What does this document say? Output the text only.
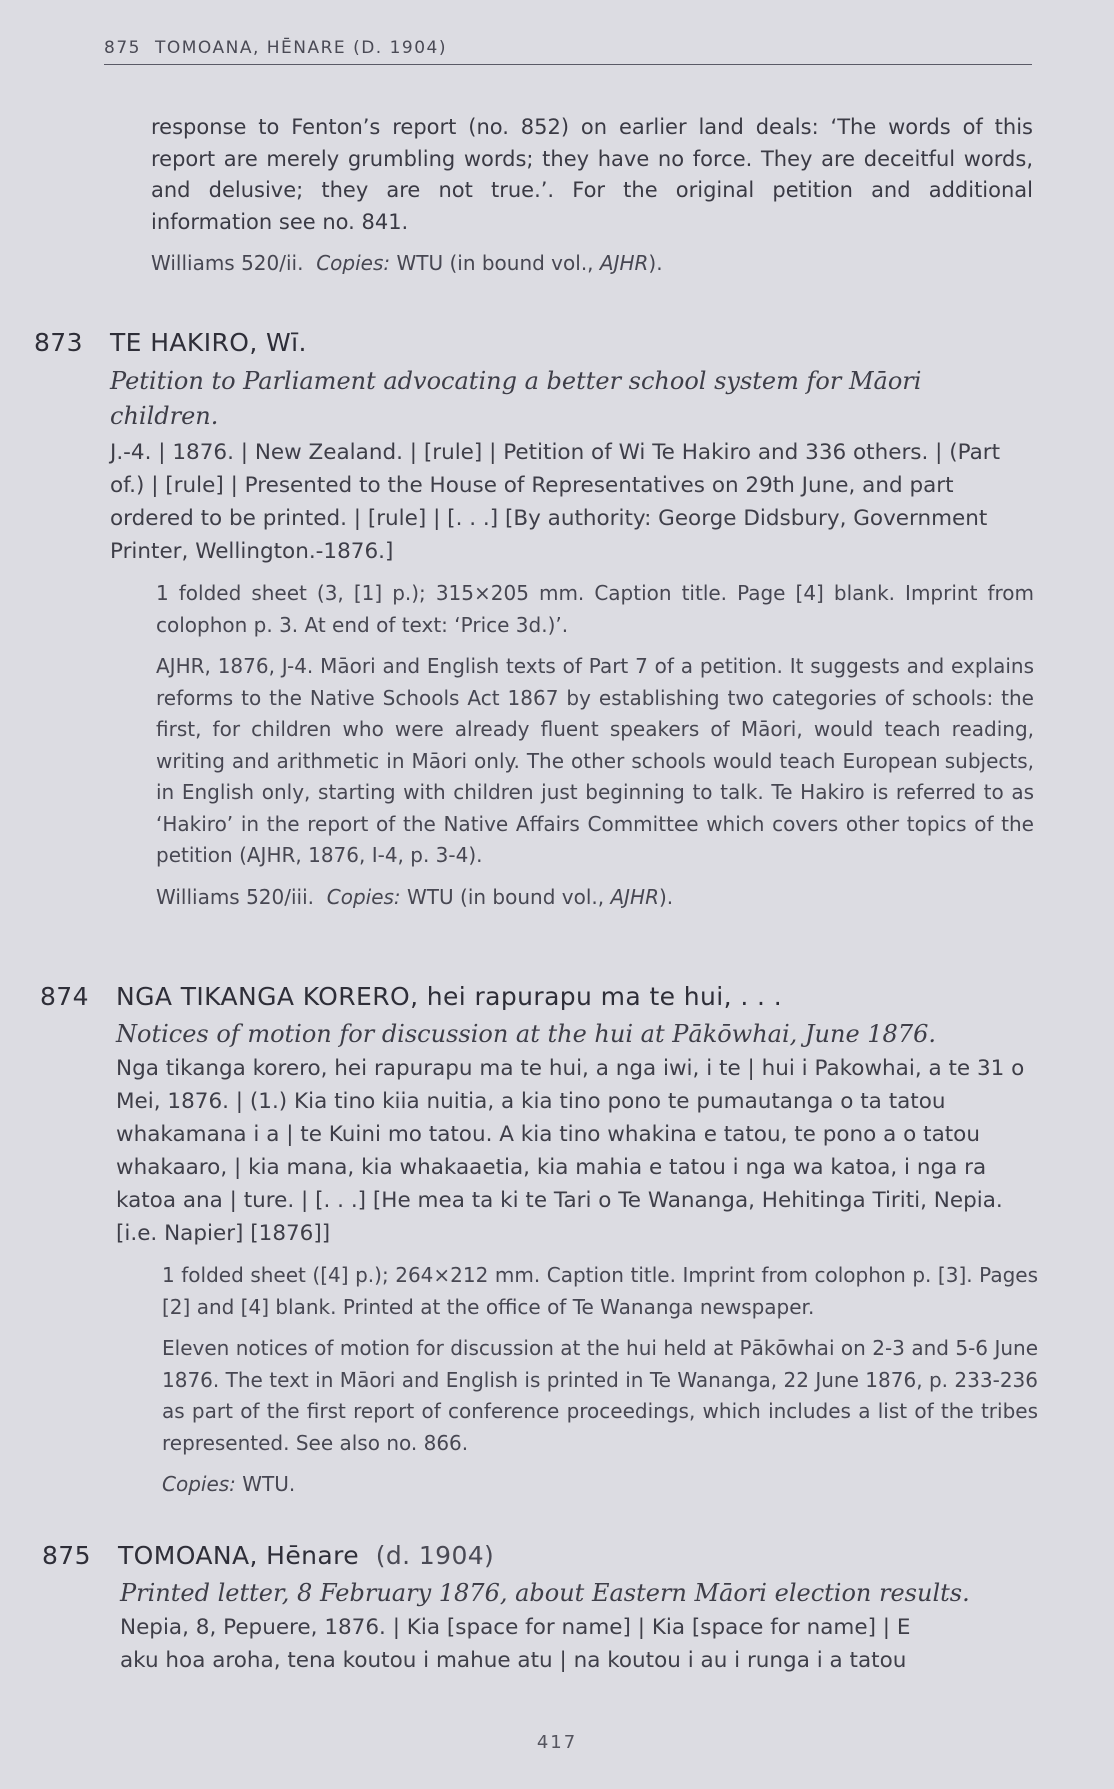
875 TOMOANA, HĒNARE (D. 1904)

response to Fenton’s report (no. 852) on earlier land deals: ‘The words of this report are merely grumbling words; they have no force. They are deceitful words, and delusive; they are not true.’. For the original petition and additional information see no. 841.

Williams 520/ii. Copies: WTU (in bound vol., AJHR).

873 TE HAKIRO, Wī.

Petition to Parliament advocating a better school system for Māori children.

J.-4. | 1876. | New Zealand. | [rule] | Petition of Wi Te Hakiro and 336 others. | (Part of.) | [rule] | Presented to the House of Representatives on 29th June, and part ordered to be printed. | [rule] | [. . .] [By authority: George Didsbury, Government Printer, Wellington.-1876.]

1 folded sheet (3, [1] p.); 315×205 mm. Caption title. Page [4] blank. Imprint from colophon p. 3. At end of text: ‘Price 3d.)’.

AJHR, 1876, J-4. Māori and English texts of Part 7 of a petition. It suggests and explains reforms to the Native Schools Act 1867 by establishing two categories of schools: the first, for children who were already fluent speakers of Māori, would teach reading, writing and arithmetic in Māori only. The other schools would teach European subjects, in English only, starting with children just beginning to talk. Te Hakiro is referred to as ‘Hakiro’ in the report of the Native Affairs Committee which covers other topics of the petition (AJHR, 1876, I-4, p. 3-4).

Williams 520/iii. Copies: WTU (in bound vol., AJHR).

874 NGA TIKANGA KORERO, hei rapurapu ma te hui, . . .

Notices of motion for discussion at the hui at Pākōwhai, June 1876.

Nga tikanga korero, hei rapurapu ma te hui, a nga iwi, i te | hui i Pakowhai, a te 31 o Mei, 1876. | (1.) Kia tino kiia nuitia, a kia tino pono te pumautanga o ta tatou whakamana i a | te Kuini mo tatou. A kia tino whakina e tatou, te pono a o tatou whakaaro, | kia mana, kia whakaaetia, kia mahia e tatou i nga wa katoa, i nga ra katoa ana | ture. | [. . .] [He mea ta ki te Tari o Te Wananga, Hehitinga Tiriti, Nepia. [i.e. Napier] [1876]]

1 folded sheet ([4] p.); 264×212 mm. Caption title. Imprint from colophon p. [3]. Pages [2] and [4] blank. Printed at the office of Te Wananga newspaper.

Eleven notices of motion for discussion at the hui held at Pākōwhai on 2-3 and 5-6 June 1876. The text in Māori and English is printed in Te Wananga, 22 June 1876, p. 233-236 as part of the first report of conference proceedings, which includes a list of the tribes represented. See also no. 866.

Copies: WTU.

875 TOMOANA, Hēnare (d. 1904)

Printed letter, 8 February 1876, about Eastern Māori election results.

Nepia, 8, Pepuere, 1876. | Kia [space for name] | Kia [space for name] | E

aku hoa aroha, tena koutou i mahue atu | na koutou i au i runga i a tatou

417
